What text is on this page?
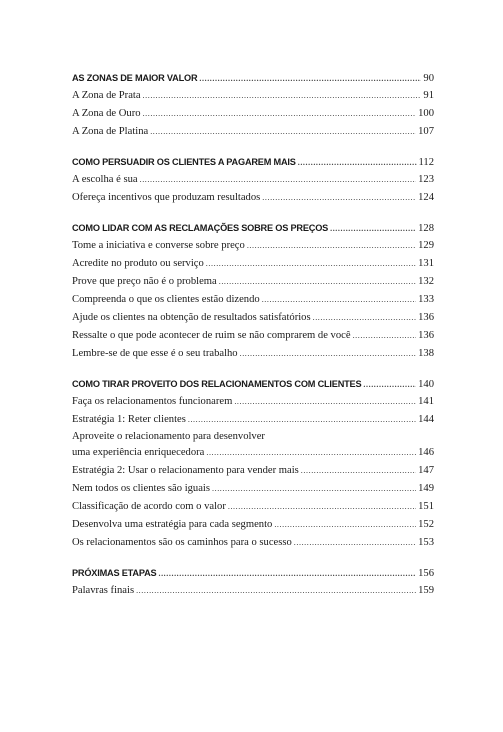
AS ZONAS DE MAIOR VALOR .....	90
A Zona de Prata .....	91
A Zona de Ouro .....	100
A Zona de Platina .....	107
COMO PERSUADIR OS CLIENTES A PAGAREM MAIS .....	112
A escolha é sua .....	123
Ofereça incentivos que produzam resultados .....	124
COMO LIDAR COM AS RECLAMAÇÕES SOBRE OS PREÇOS .....	128
Tome a iniciativa e converse sobre preço .....	129
Acredite no produto ou serviço .....	131
Prove que preço não é o problema .....	132
Compreenda o que os clientes estão dizendo .....	133
Ajude os clientes na obtenção de resultados satisfatórios .....	136
Ressalte o que pode acontecer de ruim se não comprarem de você .....	136
Lembre-se de que esse é o seu trabalho .....	138
COMO TIRAR PROVEITO DOS RELACIONAMENTOS COM CLIENTES .....	140
Faça os relacionamentos funcionarem .....	141
Estratégia 1: Reter clientes .....	144
Aproveite o relacionamento para desenvolver
uma experiência enriquecedora .....	146
Estratégia 2: Usar o relacionamento para vender mais .....	147
Nem todos os clientes são iguais .....	149
Classificação de acordo com o valor .....	151
Desenvolva uma estratégia para cada segmento .....	152
Os relacionamentos são os caminhos para o sucesso .....	153
PRÓXIMAS ETAPAS .....	156
Palavras finais .....	159
